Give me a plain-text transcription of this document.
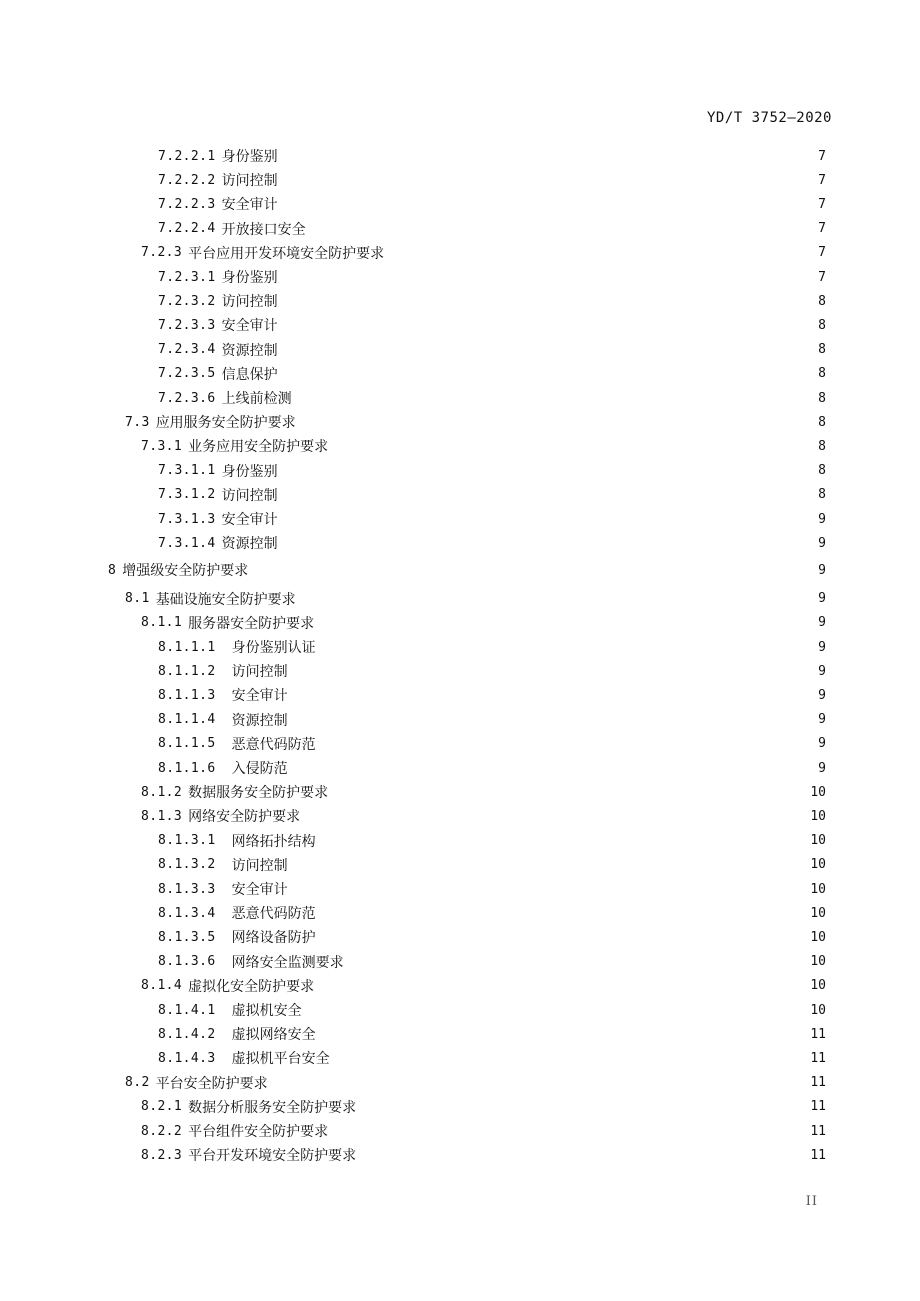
YD/T 3752—2020
7.2.2.1 身份鉴别	7
7.2.2.2 访问控制	7
7.2.2.3 安全审计	7
7.2.2.4 开放接口安全	7
7.2.3 平台应用开发环境安全防护要求	7
7.2.3.1 身份鉴别	7
7.2.3.2 访问控制	8
7.2.3.3 安全审计	8
7.2.3.4 资源控制	8
7.2.3.5 信息保护	8
7.2.3.6 上线前检测	8
7.3 应用服务安全防护要求	8
7.3.1 业务应用安全防护要求	8
7.3.1.1 身份鉴别	8
7.3.1.2 访问控制	8
7.3.1.3 安全审计	9
7.3.1.4 资源控制	9
8 增强级安全防护要求	9
8.1 基础设施安全防护要求	9
8.1.1 服务器安全防护要求	9
8.1.1.1	身份鉴别认证	9
8.1.1.2	访问控制	9
8.1.1.3	安全审计	9
8.1.1.4	资源控制	9
8.1.1.5	恶意代码防范	9
8.1.1.6	入侵防范	9
8.1.2 数据服务安全防护要求	10
8.1.3 网络安全防护要求	10
8.1.3.1	网络拓扑结构	10
8.1.3.2	访问控制	10
8.1.3.3	安全审计	10
8.1.3.4	恶意代码防范	10
8.1.3.5	网络设备防护	10
8.1.3.6	网络安全监测要求	10
8.1.4 虚拟化安全防护要求	10
8.1.4.1	虚拟机安全	10
8.1.4.2	虚拟网络安全	11
8.1.4.3	虚拟机平台安全	11
8.2 平台安全防护要求	11
8.2.1 数据分析服务安全防护要求	11
8.2.2 平台组件安全防护要求	11
8.2.3 平台开发环境安全防护要求	11
II
